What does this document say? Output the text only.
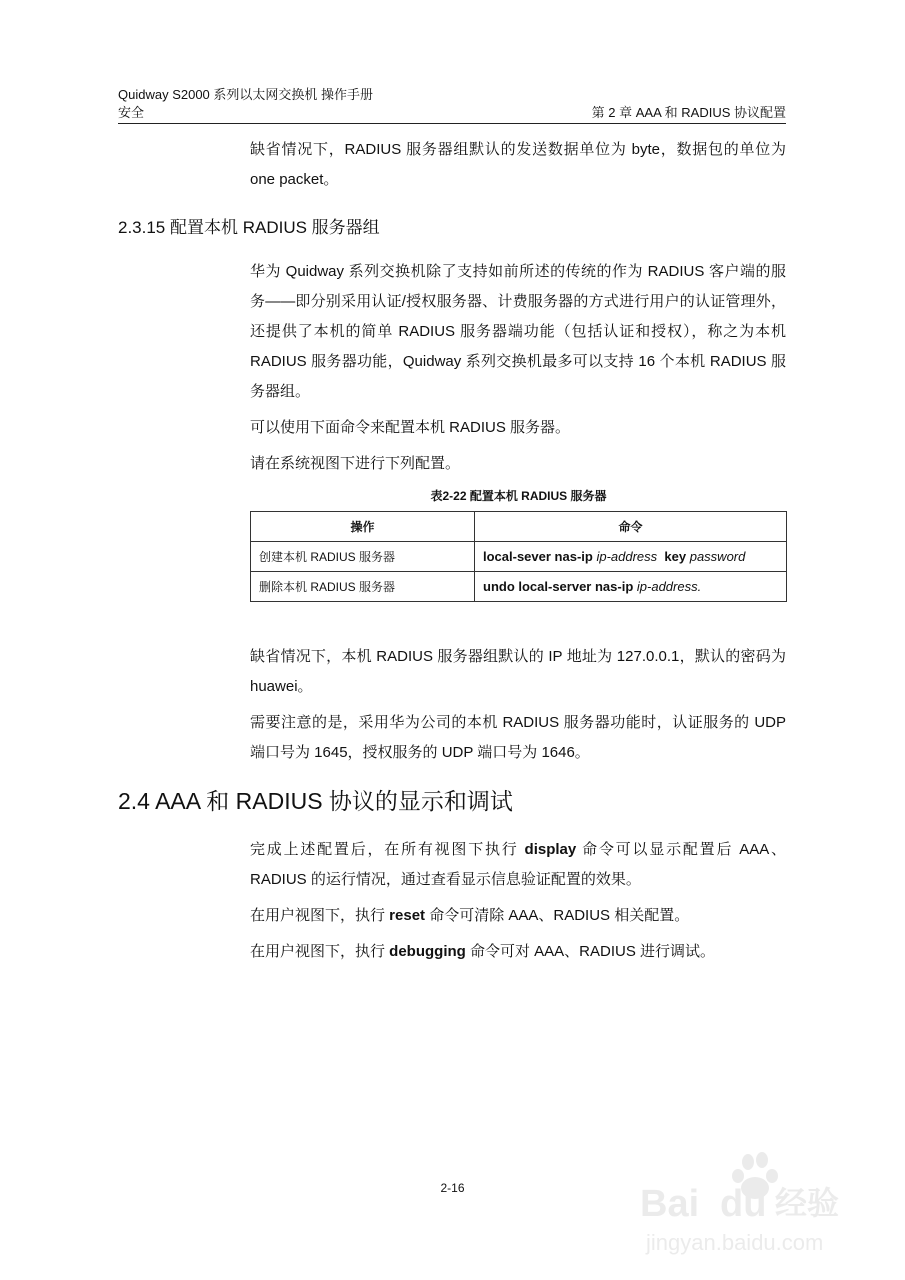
Quidway S2000 系列以太网交换机 操作手册
安全	第 2 章 AAA 和 RADIUS 协议配置

缺省情况下，RADIUS 服务器组默认的发送数据单位为 byte，数据包的单位为 one packet。

2.3.15 配置本机 RADIUS 服务器组

华为 Quidway 系列交换机除了支持如前所述的传统的作为 RADIUS 客户端的服务——即分别采用认证/授权服务器、计费服务器的方式进行用户的认证管理外，还提供了本机的简单 RADIUS 服务器端功能（包括认证和授权），称之为本机 RADIUS 服务器功能，Quidway 系列交换机最多可以支持 16 个本机 RADIUS 服务器组。

可以使用下面命令来配置本机 RADIUS 服务器。

请在系统视图下进行下列配置。

表2-22 配置本机 RADIUS 服务器
操作	命令
创建本机 RADIUS 服务器	local-sever nas-ip ip-address key password
删除本机 RADIUS 服务器	undo local-server nas-ip ip-address.

缺省情况下，本机 RADIUS 服务器组默认的 IP 地址为 127.0.0.1，默认的密码为 huawei。

需要注意的是，采用华为公司的本机 RADIUS 服务器功能时，认证服务的 UDP 端口号为 1645，授权服务的 UDP 端口号为 1646。

2.4 AAA 和 RADIUS 协议的显示和调试

完成上述配置后，在所有视图下执行 display 命令可以显示配置后 AAA、RADIUS 的运行情况，通过查看显示信息验证配置的效果。

在用户视图下，执行 reset 命令可清除 AAA、RADIUS 相关配置。

在用户视图下，执行 debugging 命令可对 AAA、RADIUS 进行调试。

2-16	Bai du 经验
jingyan.baidu.com
